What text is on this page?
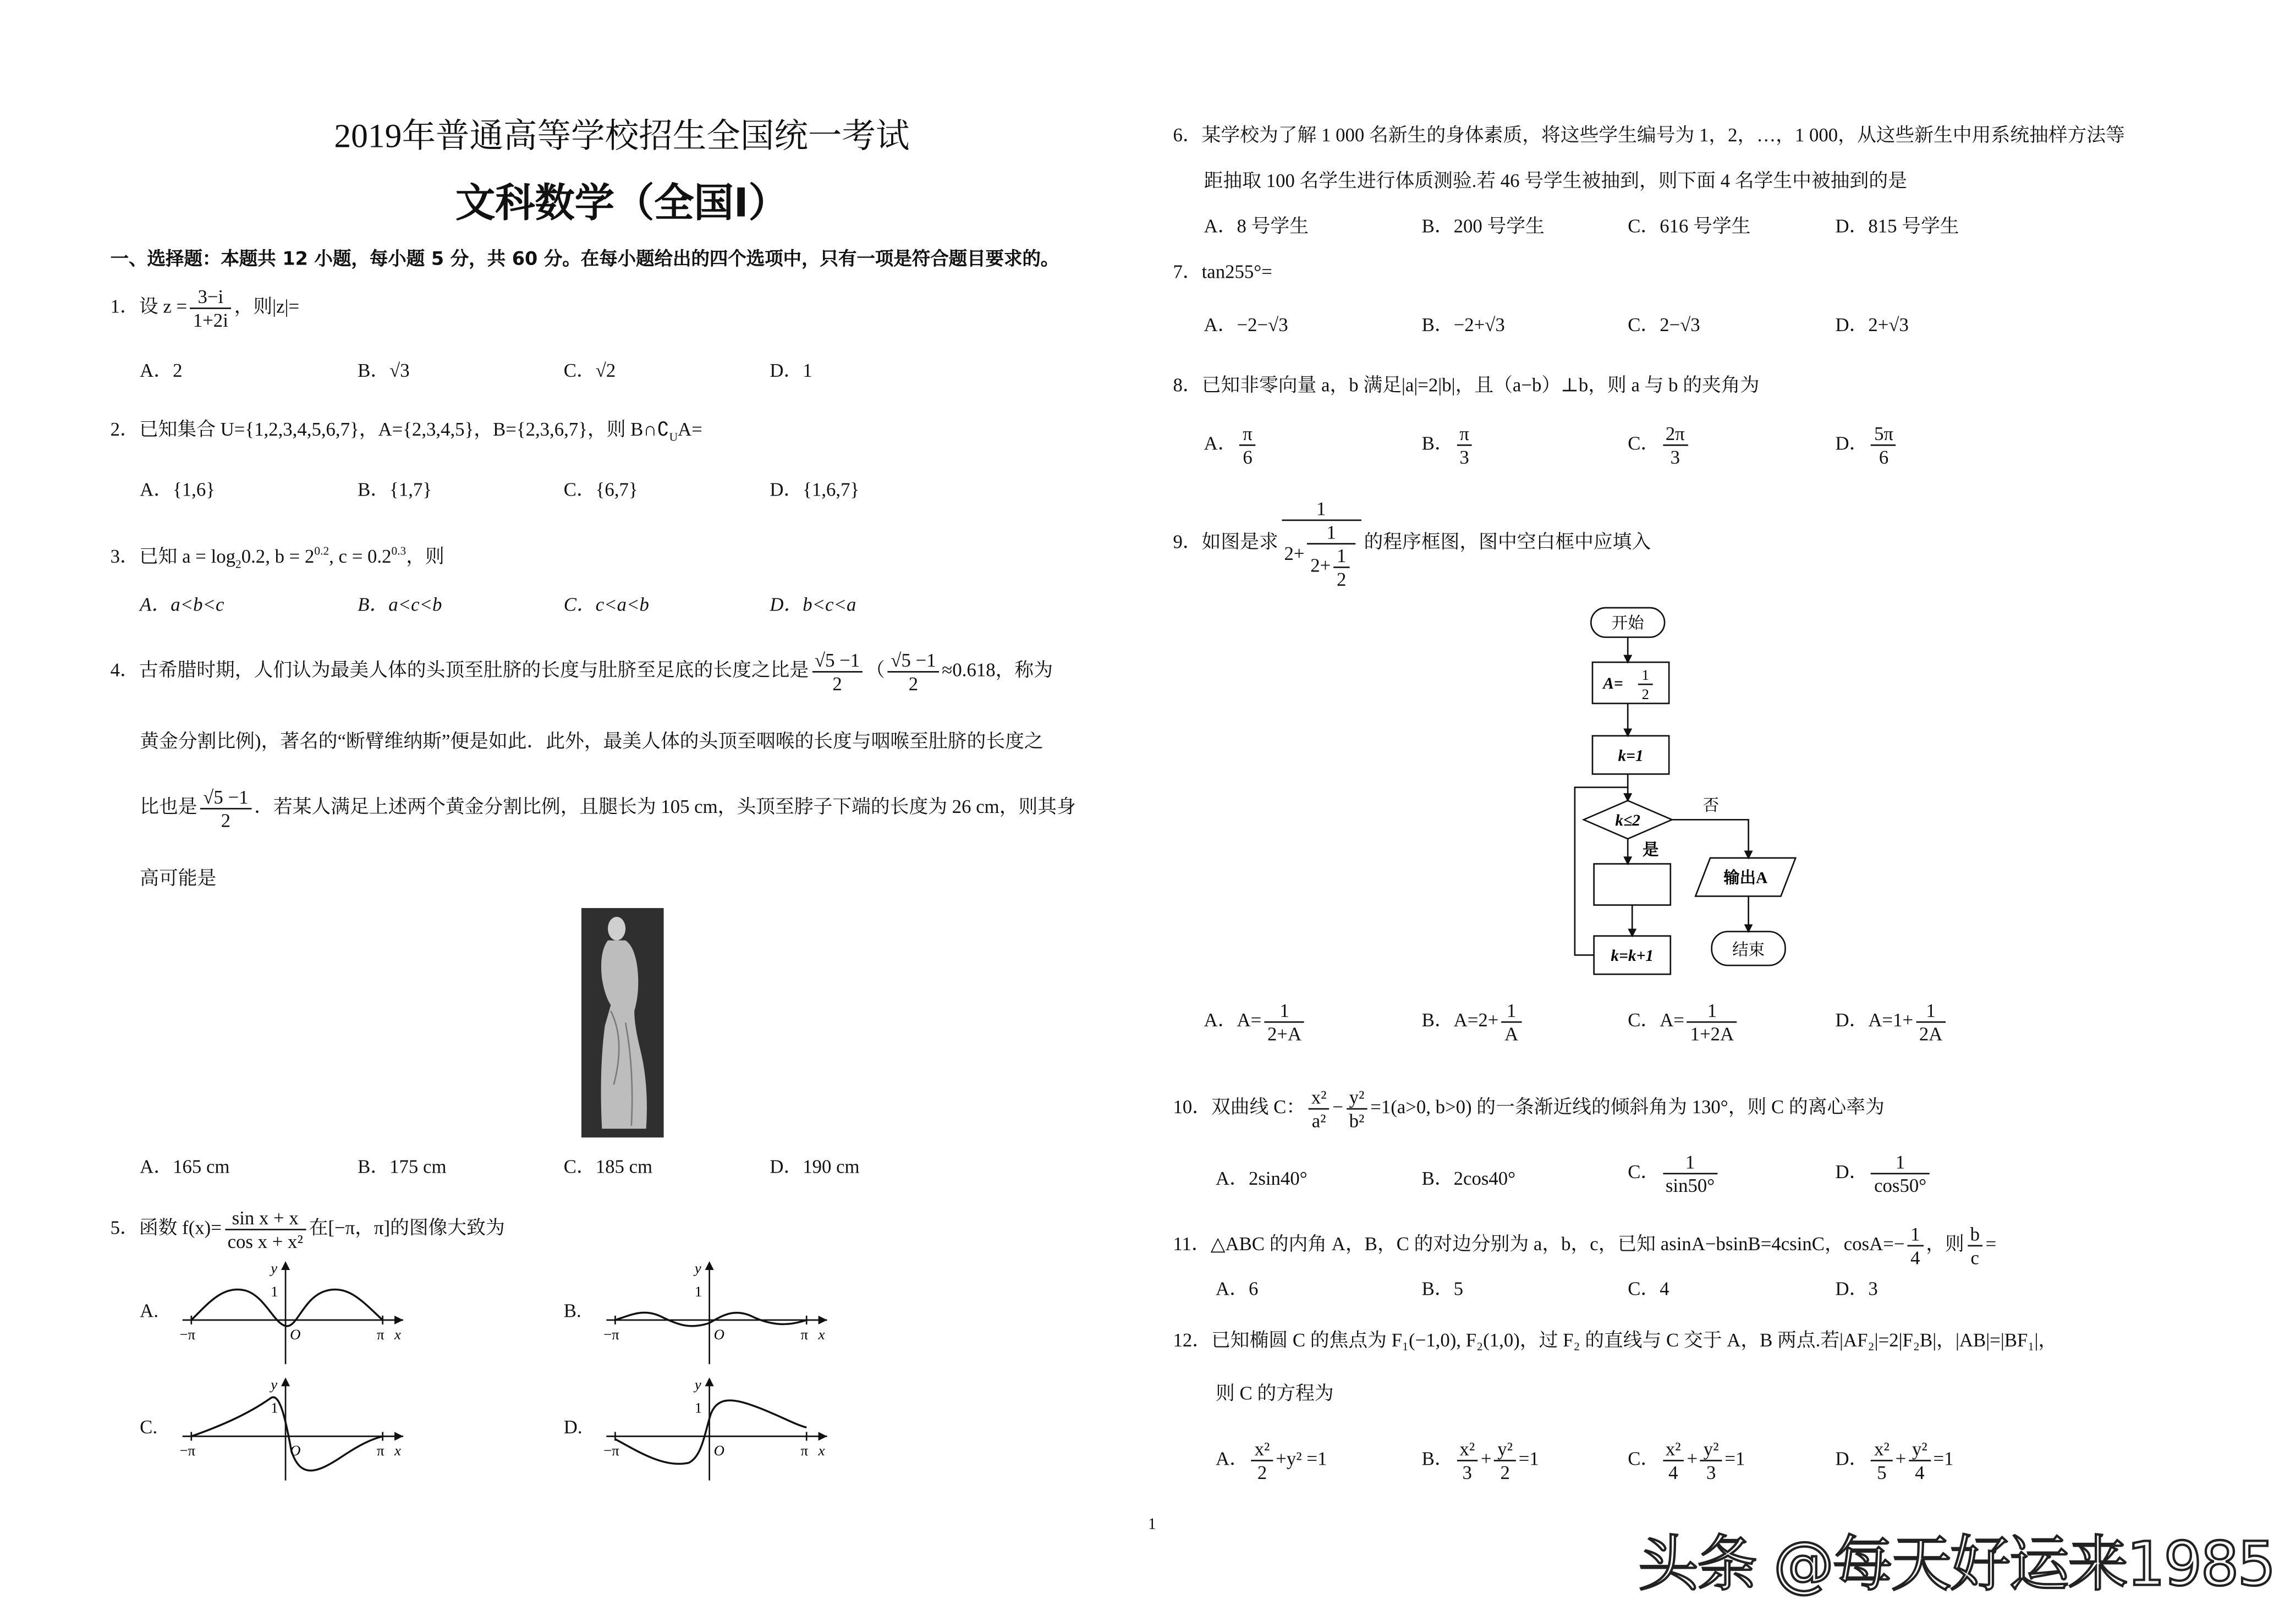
2019年普通高等学校招生全国统一考试
文科数学（全国Ⅰ）
一、选择题：本题共 12 小题，每小题 5 分，共 60 分。在每小题给出的四个选项中，只有一项是符合题目要求的。
1．设 $z = \frac{3-i}{1+2i}$ ，则|z|=
A．2	B．√3	C．√2	D．1
2．已知集合 U={1,2,3,4,5,6,7}，A={2,3,4,5}，B={2,3,6,7}，则 $B\cap∁_UA=$
A．{1,6}	B．{1,7}	C．{6,7}	D．{1,6,7}
3．已知 $a = \log_20.2$, $b = 2^{0.2}$, $c = 0.2^{0.3}$，则
A．a<b<c	B．a<c<b	C．c<a<b	D．b<c<a
4．古希腊时期，人们认为最美人体的头顶至肚脐的长度与肚脐至足底的长度之比是 $\frac{√5 -1}{2}$ （ $\frac{√5 -1}{2} \approx 0.618$，称为
黄金分割比例)，著名的“断臂维纳斯”便是如此．此外，最美人体的头顶至咽喉的长度与咽喉至肚脐的长度之
比也是 $\frac{√5 -1}{2}$ ．若某人满足上述两个黄金分割比例，且腿长为 105 cm，头顶至脖子下端的长度为 26 cm，则其身
高可能是
A．165 cm	B．175 cm	C．185 cm	D．190 cm
5．函数 $f(x)= \frac{\text{sin x + x}}{\text{cos x + x²}}$ 在[−π，π]的图像大致为
A.
y
1
O
−π	π x
B.
y
1
O
−π	π x
C.
y
1
O
−π	π x
D.
y
1
O
−π	π x
6．某学校为了解 1 000 名新生的身体素质，将这些学生编号为 1，2，…，1 000，从这些新生中用系统抽样方法等
距抽取 100 名学生进行体质测验.若 46 号学生被抽到，则下面 4 名学生中被抽到的是
A．8 号学生	B．200 号学生	C．616 号学生	D．815 号学生
7．tan255°=
A．−2−√3	B．−2+√3	C．2−√3	D．2+√3
8．已知非零向量 a，b 满足|a|=2|b|，且（a−b）⊥b，则 a 与 b 的夹角为
A． $\frac{\pi}{6}$	B． $\frac{\pi}{3}$	C． $\frac{2\pi}{3}$	D． $\frac{5\pi}{6}$
9．如图是求 $\frac{1}{2+ \frac{1}{2+ \frac{1}{2}}}$ 的程序框图，图中空白框中应填入
开始
A=
1
2
k=1
k≤2
否
是
输出A
结束
k=k+1
A．$A= \frac{1}{2+A}$	B．$A=2+ \frac{1}{A}$	C．$A= \frac{1}{1+2A}$	D．$A=1+ \frac{1}{2A}$
10．双曲线 C： $\frac{\text{x²}}{\text{a²}} - \frac{\text{y²}}{\text{b²}} =1(a>0$, b>0) 的一条渐近线的倾斜角为 130°，则 C 的离心率为
A．2sin40°	B．2cos40°	C． $\frac{1}{\sin 50^\circ}$	D． $\frac{1}{\cos 50^\circ}$
11．△ABC 的内角 A，B，C 的对边分别为 a，b，c，已知 asinA−bsinB=4csinC，$\cos A=- \frac{1}{4}$ ，则 $\frac{b}{c}$ =
A．6	B．5	C．4	D．3
12．已知椭圆 C 的焦点为 F₁(−1,0), F₂(1,0)，过 F₂ 的直线与 C 交于 A，B 两点.若|AF₂|=2|F₂B|，|AB|=|BF₁|，
则 C 的方程为
A． $\frac{\text{x²}}{2} +y^2 =1$	B． $\frac{\text{x²}}{3} + \frac{\text{y²}}{2} =1$	C． $\frac{\text{x²}}{4} + \frac{\text{y²}}{3} =1$	D． $\frac{\text{x²}}{5} + \frac{\text{y²}}{4} =1$
1
头条 @每天好运来1985
